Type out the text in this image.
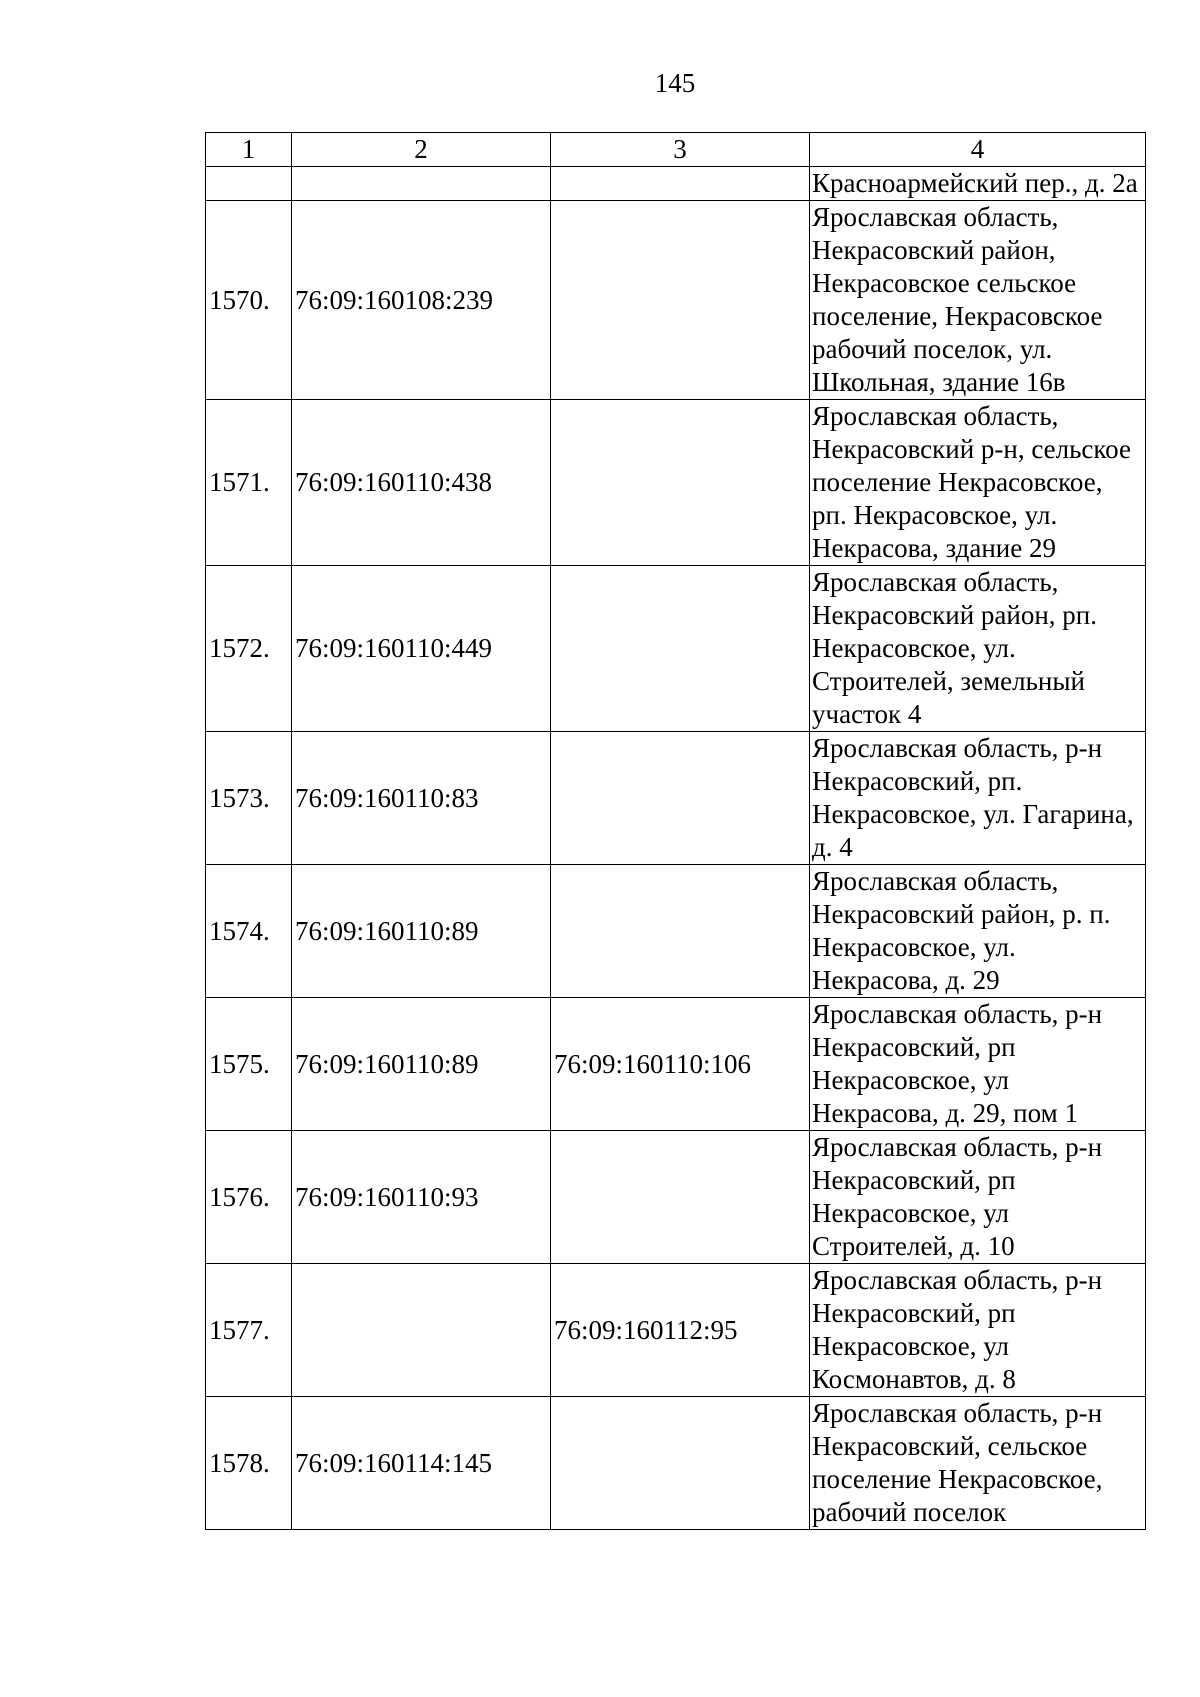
145
1	2	3	4
			Красноармейский пер., д. 2а
1570.	76:09:160108:239		Ярославская область, Некрасовский район, Некрасовское сельское поселение, Некрасовское рабочий поселок, ул. Школьная, здание 16в
1571.	76:09:160110:438		Ярославская область, Некрасовский р-н, сельское поселение Некрасовское, рп. Некрасовское, ул. Некрасова, здание 29
1572.	76:09:160110:449		Ярославская область, Некрасовский район, рп. Некрасовское, ул. Строителей, земельный участок 4
1573.	76:09:160110:83		Ярославская область, р-н Некрасовский, рп. Некрасовское, ул. Гагарина, д. 4
1574.	76:09:160110:89		Ярославская область, Некрасовский район, р. п. Некрасовское, ул. Некрасова, д. 29
1575.	76:09:160110:89	76:09:160110:106	Ярославская область, р-н Некрасовский, рп Некрасовское, ул Некрасова, д. 29, пом 1
1576.	76:09:160110:93		Ярославская область, р-н Некрасовский, рп Некрасовское, ул Строителей, д. 10
1577.		76:09:160112:95	Ярославская область, р-н Некрасовский, рп Некрасовское, ул Космонавтов, д. 8
1578.	76:09:160114:145		Ярославская область, р-н Некрасовский, сельское поселение Некрасовское, рабочий поселок
